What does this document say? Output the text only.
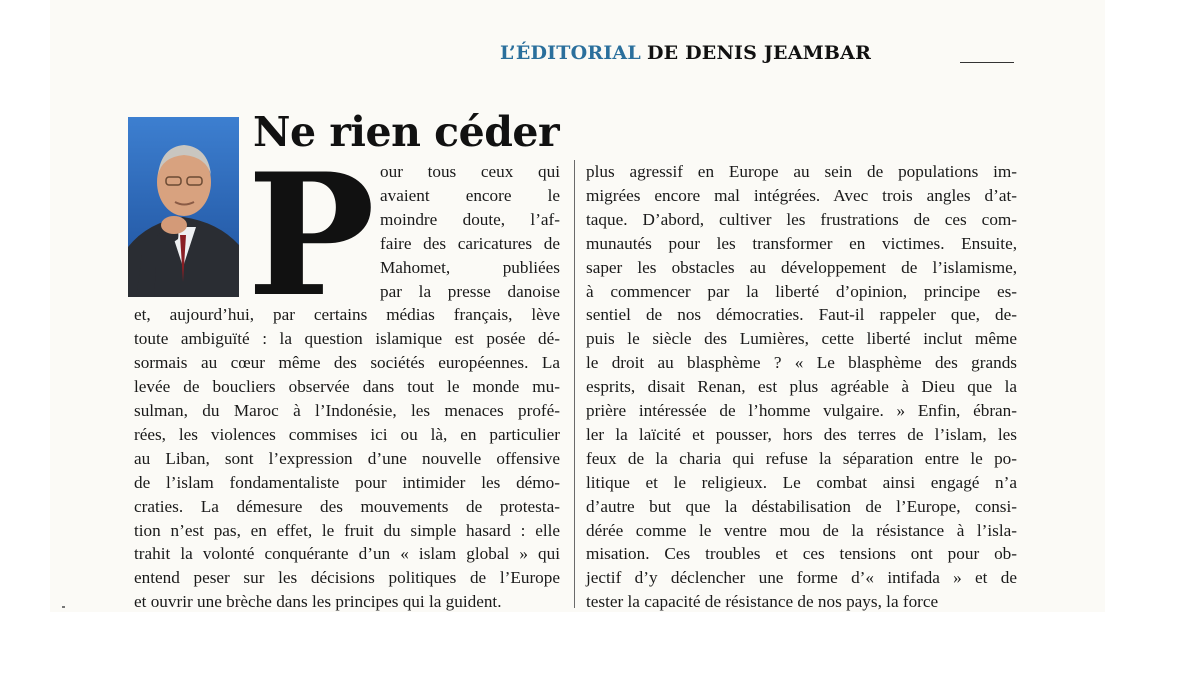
L’ÉDITORIAL DE DENIS JEAMBAR
Ne rien céder
P our tous ceux qui
avaient encore le
moindre doute, l’af-
faire des caricatures de
Mahomet, publiées
par la presse danoise
et, aujourd’hui, par certains médias français, lève
toute ambiguïté : la question islamique est posée dé-
sormais au cœur même des sociétés européennes. La
levée de boucliers observée dans tout le monde mu-
sulman, du Maroc à l’Indonésie, les menaces profé-
rées, les violences commises ici ou là, en particulier
au Liban, sont l’expression d’une nouvelle offensive
de l’islam fondamentaliste pour intimider les démo-
craties. La démesure des mouvements de protesta-
tion n’est pas, en effet, le fruit du simple hasard : elle
trahit la volonté conquérante d’un « islam global » qui
entend peser sur les décisions politiques de l’Europe
et ouvrir une brèche dans les principes qui la guident.
plus agressif en Europe au sein de populations im-
migrées encore mal intégrées. Avec trois angles d’at-
taque. D’abord, cultiver les frustrations de ces com-
munautés pour les transformer en victimes. Ensuite,
saper les obstacles au développement de l’islamisme,
à commencer par la liberté d’opinion, principe es-
sentiel de nos démocraties. Faut-il rappeler que, de-
puis le siècle des Lumières, cette liberté inclut même
le droit au blasphème ? « Le blasphème des grands
esprits, disait Renan, est plus agréable à Dieu que la
prière intéressée de l’homme vulgaire. » Enfin, ébran-
ler la laïcité et pousser, hors des terres de l’islam, les
feux de la charia qui refuse la séparation entre le po-
litique et le religieux. Le combat ainsi engagé n’a
d’autre but que la déstabilisation de l’Europe, consi-
dérée comme le ventre mou de la résistance à l’isla-
misation. Ces troubles et ces tensions ont pour ob-
jectif d’y déclencher une forme d’« intifada » et de
tester la capacité de résistance de nos pays, la force
